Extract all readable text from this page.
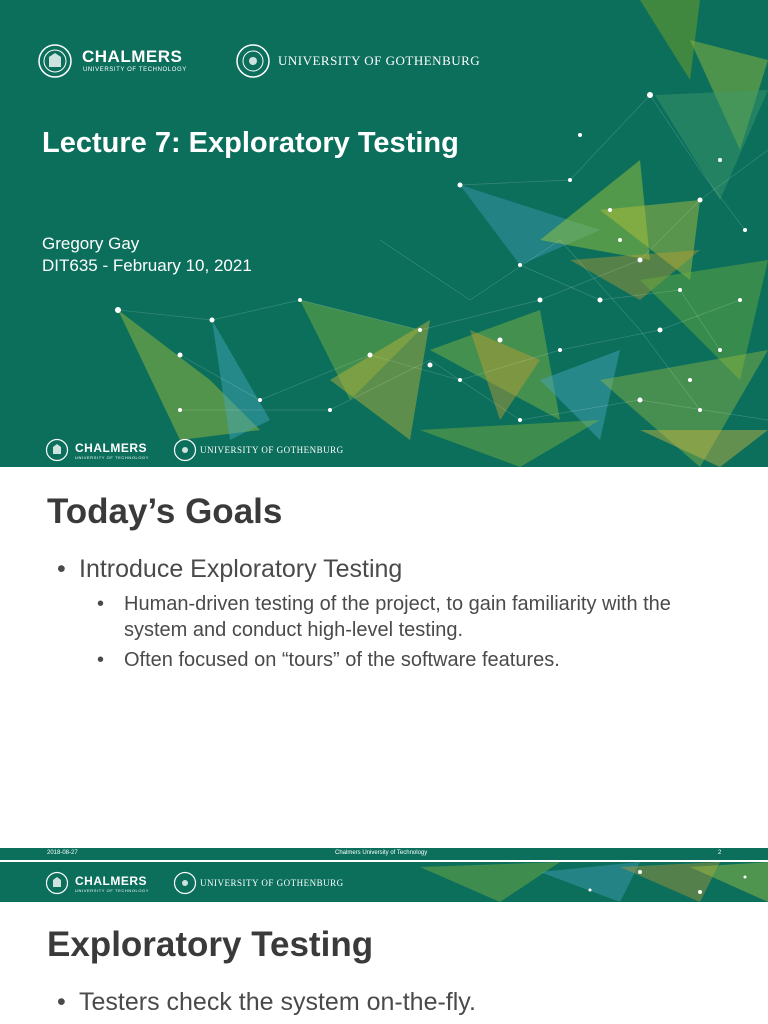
CHALMERS
UNIVERSITY OF TECHNOLOGY
UNIVERSITY OF GOTHENBURG
Lecture 7: Exploratory Testing
Gregory Gay
DIT635 - February 10, 2021
CHALMERS
UNIVERSITY OF TECHNOLOGY
UNIVERSITY OF GOTHENBURG
Today’s Goals
• Introduce Exploratory Testing
• Human-driven testing of the project, to gain familiarity with the system and conduct high-level testing.
• Often focused on “tours” of the software features.
2018-08-27	Chalmers University of Technology	2
CHALMERS
UNIVERSITY OF TECHNOLOGY
UNIVERSITY OF GOTHENBURG
Exploratory Testing
• Testers check the system on-the-fly.
